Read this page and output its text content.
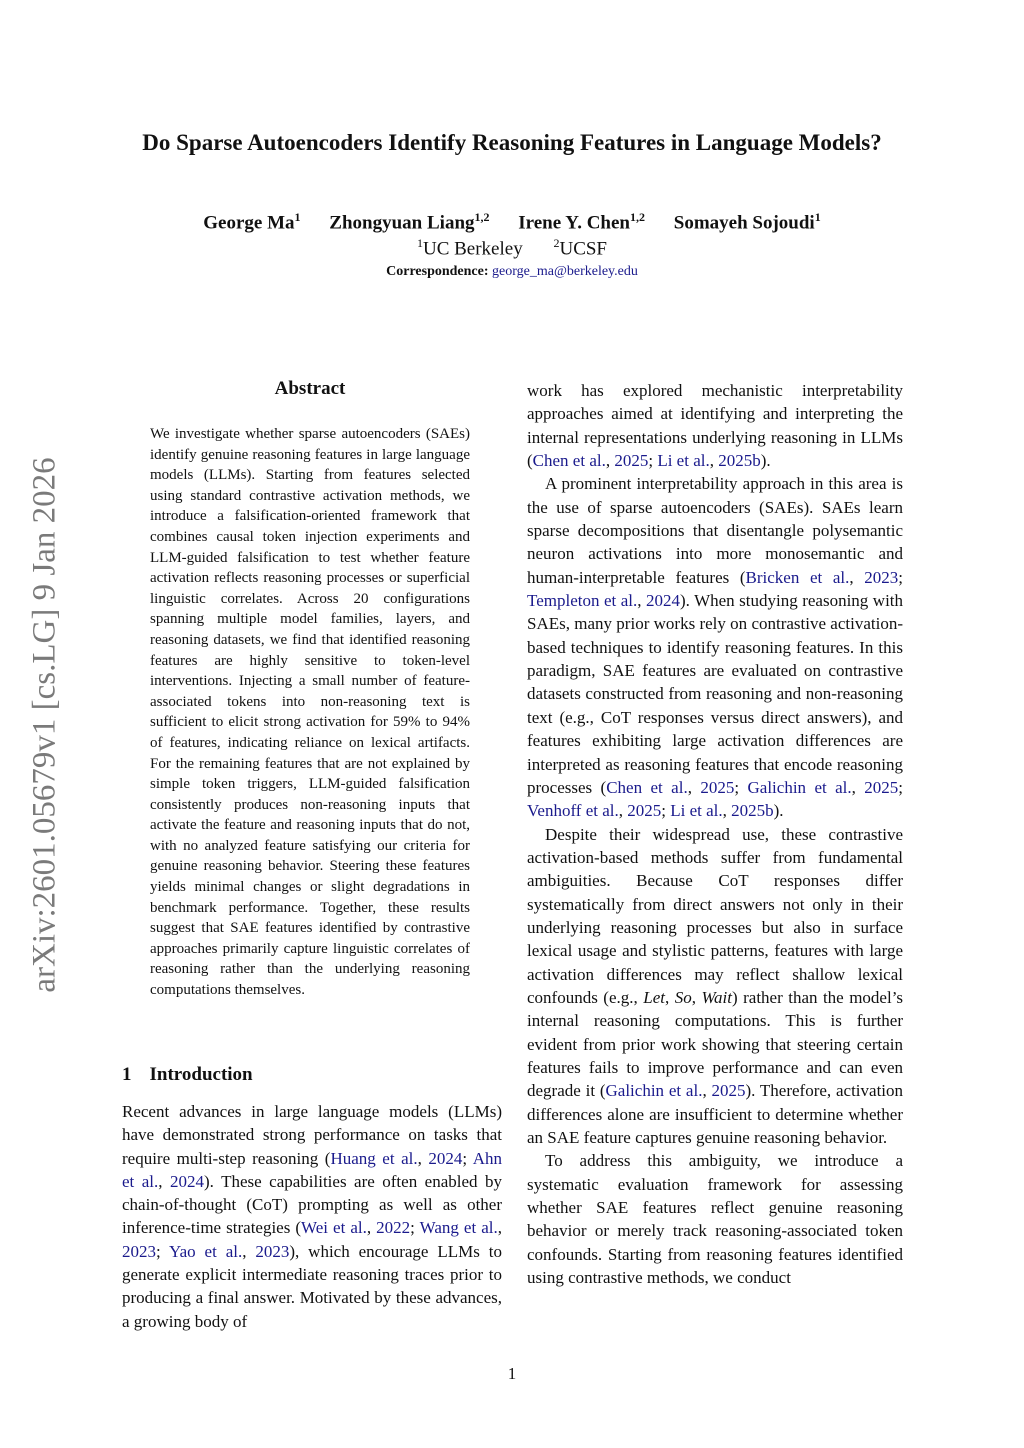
Do Sparse Autoencoders Identify Reasoning Features in Language Models?
George Ma$^1$ Zhongyuan Liang$^{1,2}$ Irene Y. Chen$^{1,2}$ Somayeh Sojoudi$^1$
$^1$UC Berkeley	$^2$UCSF
Correspondence: george_ma@berkeley.edu
arXiv:2601.05679v1 [cs.LG] 9 Jan 2026
Abstract

We investigate whether sparse autoencoders (SAEs) identify genuine reasoning features in large language models (LLMs). Starting from features selected using standard contrastive activation methods, we introduce a falsification-oriented framework that combines causal token injection experiments and LLM-guided falsification to test whether feature activation reflects reasoning processes or superficial linguistic correlates. Across 20 configurations spanning multiple model families, layers, and reasoning datasets, we find that identified reasoning features are highly sensitive to token-level interventions. Injecting a small number of feature-associated tokens into non-reasoning text is sufficient to elicit strong activation for 59% to 94% of features, indicating reliance on lexical artifacts. For the remaining features that are not explained by simple token triggers, LLM-guided falsification consistently produces non-reasoning inputs that activate the feature and reasoning inputs that do not, with no analyzed feature satisfying our criteria for genuine reasoning behavior. Steering these features yields minimal changes or slight degradations in benchmark performance. Together, these results suggest that SAE features identified by contrastive approaches primarily capture linguistic correlates of reasoning rather than the underlying reasoning computations themselves.

1 Introduction

Recent advances in large language models (LLMs) have demonstrated strong performance on tasks that require multi-step reasoning (Huang et al., 2024; Ahn et al., 2024). These capabilities are often enabled by chain-of-thought (CoT) prompting as well as other inference-time strategies (Wei et al., 2022; Wang et al., 2023; Yao et al., 2023), which encourage LLMs to generate explicit intermediate reasoning traces prior to producing a final answer. Motivated by these advances, a growing body of

work has explored mechanistic interpretability approaches aimed at identifying and interpreting the internal representations underlying reasoning in LLMs (Chen et al., 2025; Li et al., 2025b).

A prominent interpretability approach in this area is the use of sparse autoencoders (SAEs). SAEs learn sparse decompositions that disentangle polysemantic neuron activations into more monosemantic and human-interpretable features (Bricken et al., 2023; Templeton et al., 2024). When studying reasoning with SAEs, many prior works rely on contrastive activation-based techniques to identify reasoning features. In this paradigm, SAE features are evaluated on contrastive datasets constructed from reasoning and non-reasoning text (e.g., CoT responses versus direct answers), and features exhibiting large activation differences are interpreted as reasoning features that encode reasoning processes (Chen et al., 2025; Galichin et al., 2025; Venhoff et al., 2025; Li et al., 2025b).

Despite their widespread use, these contrastive activation-based methods suffer from fundamental ambiguities. Because CoT responses differ systematically from direct answers not only in their underlying reasoning processes but also in surface lexical usage and stylistic patterns, features with large activation differences may reflect shallow lexical confounds (e.g., Let, So, Wait) rather than the model’s internal reasoning computations. This is further evident from prior work showing that steering certain features fails to improve performance and can even degrade it (Galichin et al., 2025). Therefore, activation differences alone are insufficient to determine whether an SAE feature captures genuine reasoning behavior.

To address this ambiguity, we introduce a systematic evaluation framework for assessing whether SAE features reflect genuine reasoning behavior or merely track reasoning-associated token confounds. Starting from reasoning features identified using contrastive methods, we conduct

1
